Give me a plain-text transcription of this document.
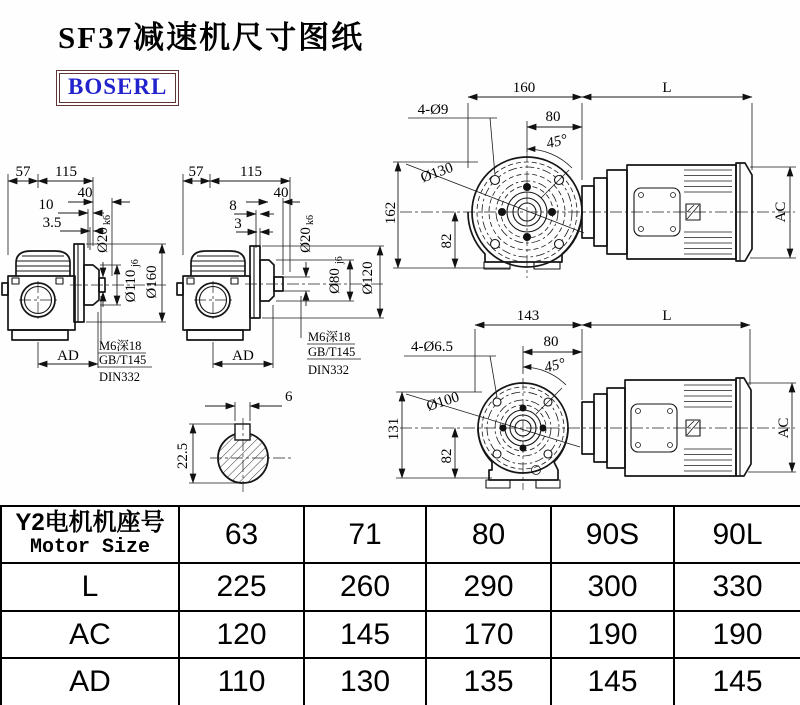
SF37减速机尺寸图纸
BOSERL
57 115
40
10
3.5
Ø20
k6
Ø110
j6
Ø160
AD
M6深18
GB/T145
DIN332
57 115
40
8
3
Ø20
k6
Ø80
j6
Ø120
AD
M6深18
GB/T145
DIN332
6
22.5
45°
160	L
80
4-Ø9
Ø130
162
82
AC
45°
143	L
80
4-Ø6.5
Ø100
131
82
AC
Y2电机机座号
Motor Size	63	71	80	90S	90L
L	225	260	290	300	330
AC	120	145	170	190	190
AD	110	130	135	145	145
